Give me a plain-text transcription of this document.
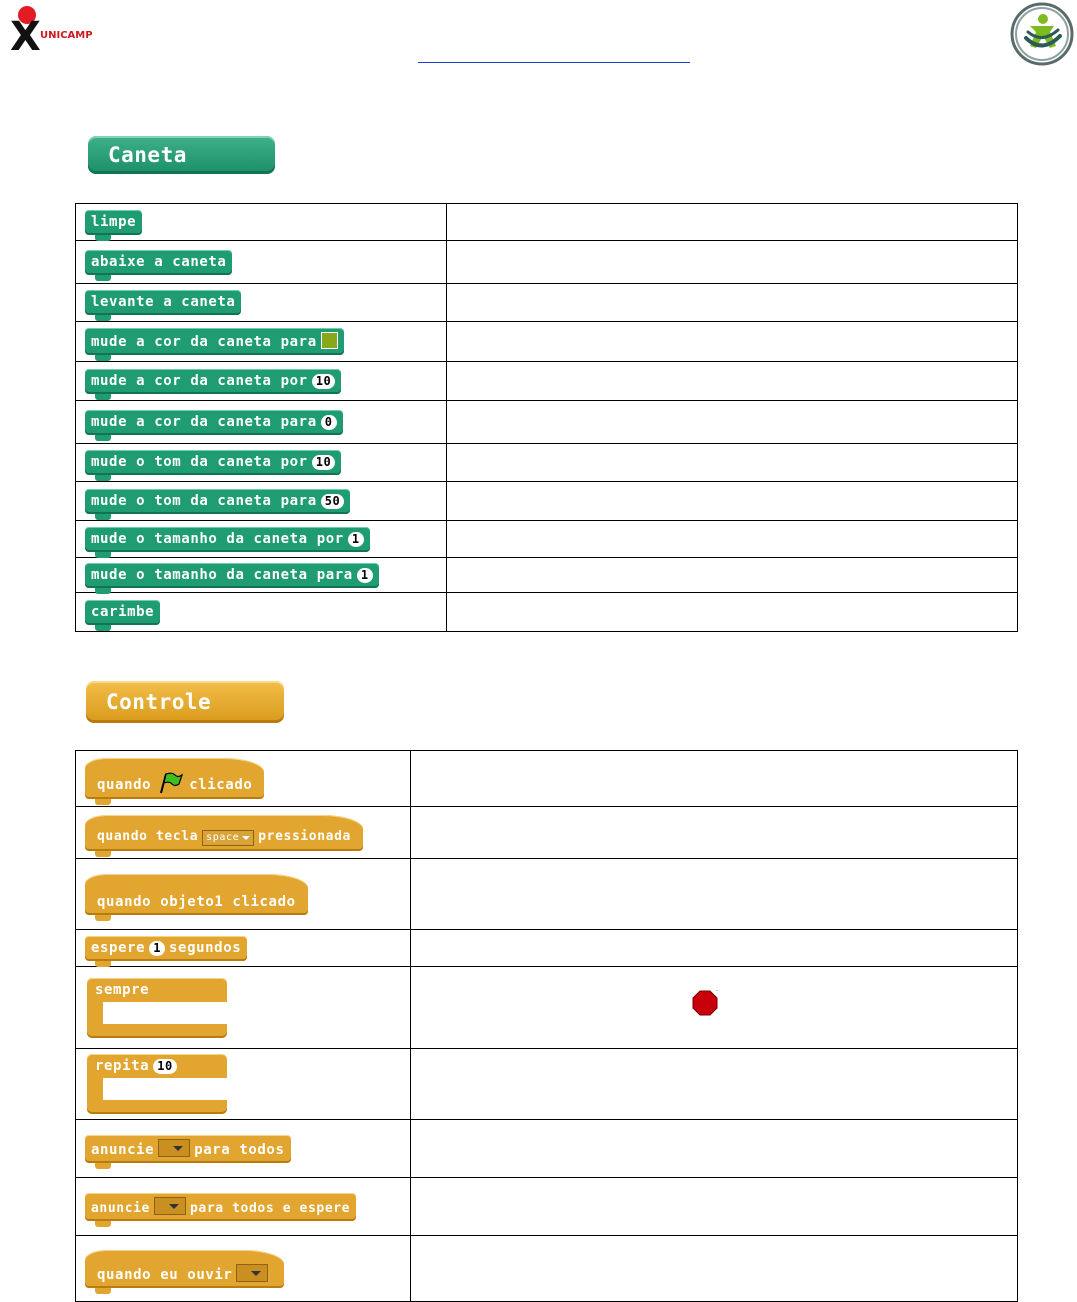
X UNICAMP
Caneta
limpe	
abaixe a caneta	
levante a caneta	
mude a cor da caneta para	
mude a cor da caneta por 10	
mude a cor da caneta para 0	
mude o tom da caneta por 10	
mude o tom da caneta para 50	
mude o tamanho da caneta por 1	
mude o tamanho da caneta para 1	
carimbe	
Controle
quando clicado	
quando tecla space pressionada	
quando objeto1 clicado	
espere 1 segundos	

sempre	

repita 10	

anuncie para todos	
anuncie para todos e espere	
quando eu ouvir	
